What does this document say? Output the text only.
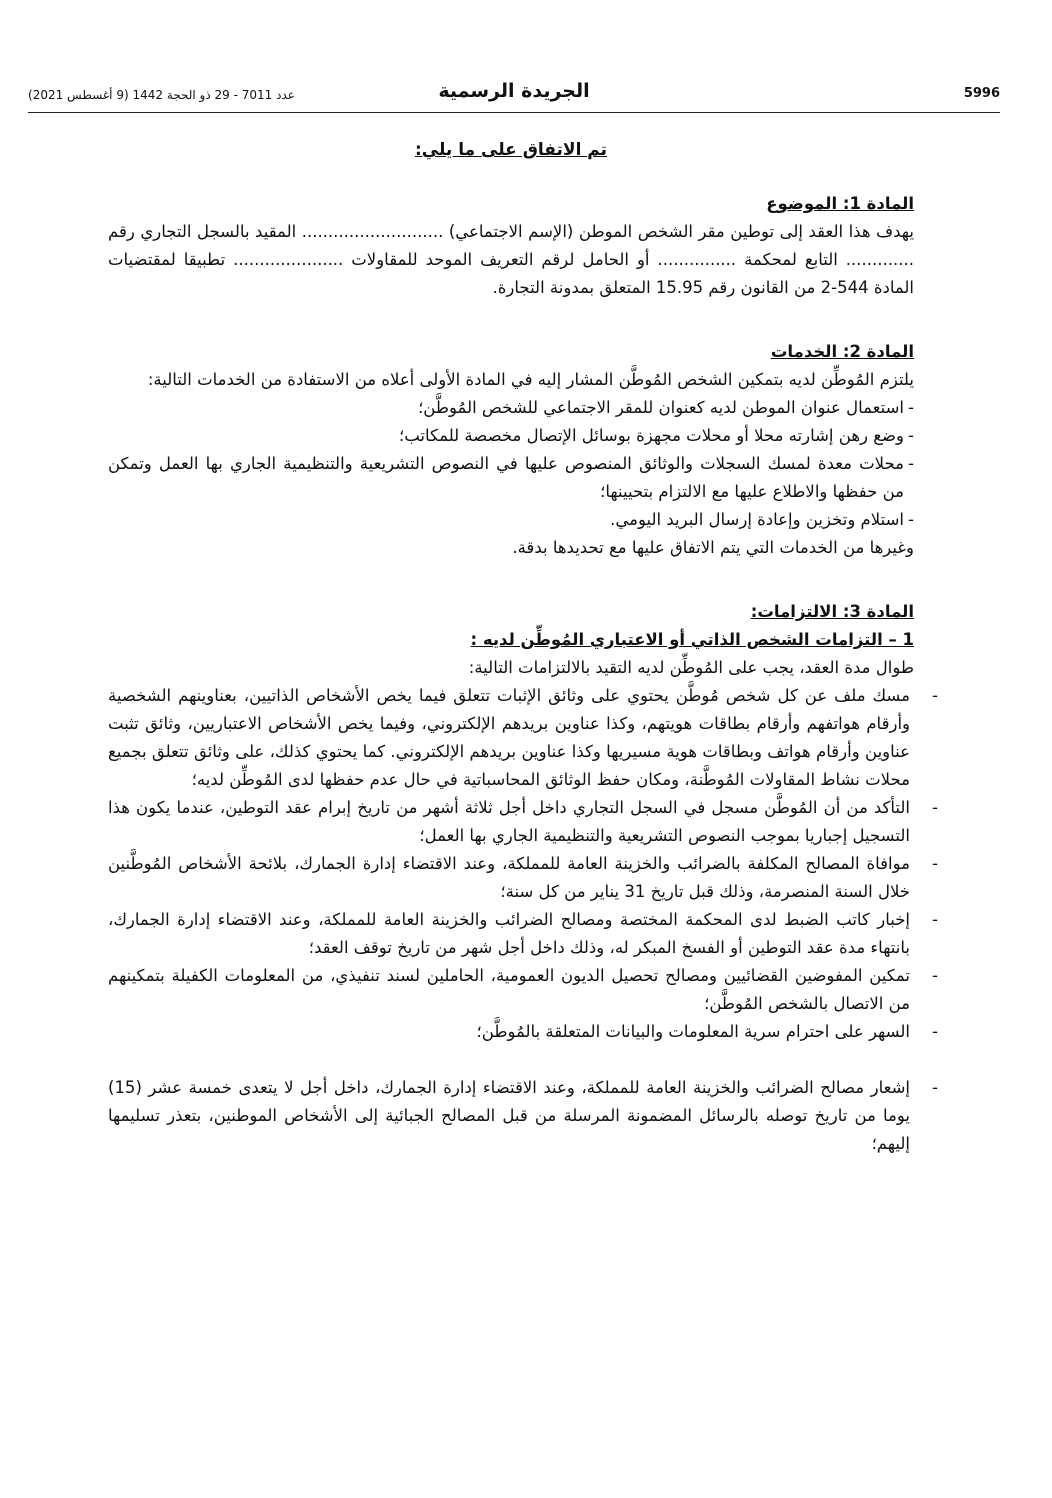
5996
الجريدة الرسمية
عدد 7011 - 29 ذو الحجة 1442 (9 أغسطس 2021)

تم الاتفاق على ما يلي:

المادة 1: الموضوع

يهدف هذا العقد إلى توطين مقر الشخص الموطن (الإسم الاجتماعي) ........................... المقيد بالسجل التجاري رقم ............. التابع لمحكمة ............... أو الحامل لرقم التعريف الموحد للمقاولات ..................... تطبيقا لمقتضيات المادة 544-2 من القانون رقم 15.95 المتعلق بمدونة التجارة.

المادة 2: الخدمات

يلتزم المُوطِّن لديه بتمكين الشخص المُوطَّن المشار إليه في المادة الأولى أعلاه من الاستفادة من الخدمات التالية:

- استعمال عنوان الموطن لديه كعنوان للمقر الاجتماعي للشخص المُوطَّن؛
- وضع رهن إشارته محلا أو محلات مجهزة بوسائل الإتصال مخصصة للمكاتب؛
- محلات معدة لمسك السجلات والوثائق المنصوص عليها في النصوص التشريعية والتنظيمية الجاري بها العمل وتمكن من حفظها والاطلاع عليها مع الالتزام بتحيينها؛
- استلام وتخزين وإعادة إرسال البريد اليومي.

وغيرها من الخدمات التي يتم الاتفاق عليها مع تحديدها بدقة.

المادة 3: الالتزامات:

1 – التزامات الشخص الذاتي أو الاعتباري المُوطِّن لديه :

طوال مدة العقد، يجب على المُوطِّن لديه التقيد بالالتزامات التالية:

- مسك ملف عن كل شخص مُوطَّن يحتوي على وثائق الإثبات تتعلق فيما يخص الأشخاص الذاتيين، بعناوينهم الشخصية وأرقام هواتفهم وأرقام بطاقات هويتهم، وكذا عناوين بريدهم الإلكتروني، وفيما يخص الأشخاص الاعتباريين، وثائق تثبت عناوين وأرقام هواتف وبطاقات هوية مسيريها وكذا عناوين بريدهم الإلكتروني. كما يحتوي كذلك، على وثائق تتعلق بجميع محلات نشاط المقاولات المُوطَّنة، ومكان حفظ الوثائق المحاسباتية في حال عدم حفظها لدى المُوطِّن لديه؛
- التأكد من أن المُوطَّن مسجل في السجل التجاري داخل أجل ثلاثة أشهر من تاريخ إبرام عقد التوطين، عندما يكون هذا التسجيل إجباريا بموجب النصوص التشريعية والتنظيمية الجاري بها العمل؛
- موافاة المصالح المكلفة بالضرائب والخزينة العامة للمملكة، وعند الاقتضاء إدارة الجمارك، بلائحة الأشخاص المُوطَّنين خلال السنة المنصرمة، وذلك قبل تاريخ 31 يناير من كل سنة؛
- إخبار كاتب الضبط لدى المحكمة المختصة ومصالح الضرائب والخزينة العامة للمملكة، وعند الاقتضاء إدارة الجمارك، بانتهاء مدة عقد التوطين أو الفسخ المبكر له، وذلك داخل أجل شهر من تاريخ توقف العقد؛
- تمكين المفوضين القضائيين ومصالح تحصيل الديون العمومية، الحاملين لسند تنفيذي، من المعلومات الكفيلة بتمكينهم من الاتصال بالشخص المُوطَّن؛
- السهر على احترام سرية المعلومات والبيانات المتعلقة بالمُوطَّن؛
- إشعار مصالح الضرائب والخزينة العامة للمملكة، وعند الاقتضاء إدارة الجمارك، داخل أجل لا يتعدى خمسة عشر (15) يوما من تاريخ توصله بالرسائل المضمونة المرسلة من قبل المصالح الجبائية إلى الأشخاص الموطنين، بتعذر تسليمها إليهم؛
